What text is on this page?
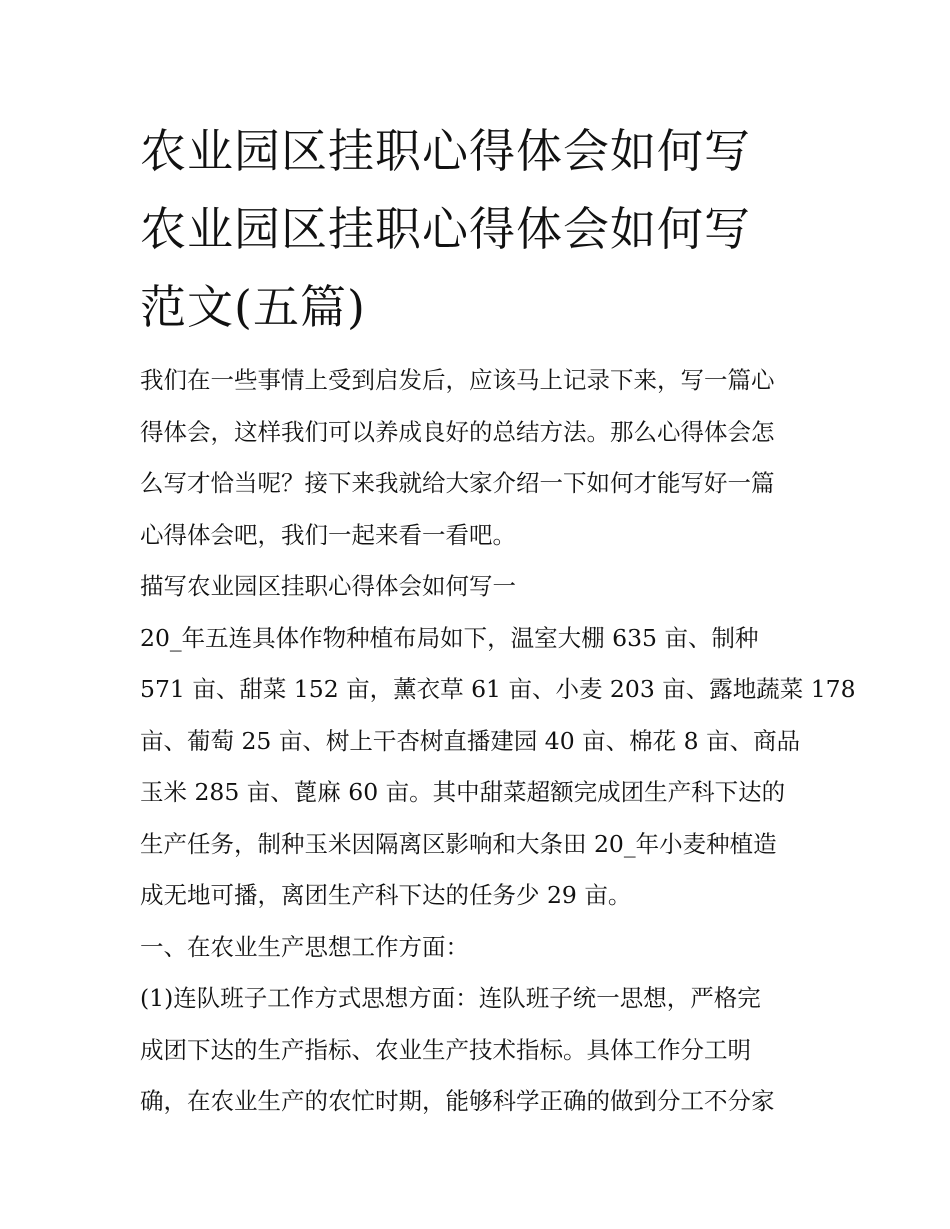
农业园区挂职心得体会如何写
农业园区挂职心得体会如何写
范文(五篇)

我们在一些事情上受到启发后，应该马上记录下来，写一篇心
得体会，这样我们可以养成良好的总结方法。那么心得体会怎
么写才恰当呢？接下来我就给大家介绍一下如何才能写好一篇
心得体会吧，我们一起来看一看吧。

描写农业园区挂职心得体会如何写一

20_年五连具体作物种植布局如下，温室大棚 635 亩、制种
571 亩、甜菜 152 亩，薰衣草 61 亩、小麦 203 亩、露地蔬菜 178
亩、葡萄 25 亩、树上干杏树直播建园 40 亩、棉花 8 亩、商品
玉米 285 亩、蓖麻 60 亩。其中甜菜超额完成团生产科下达的
生产任务，制种玉米因隔离区影响和大条田 20_年小麦种植造
成无地可播，离团生产科下达的任务少 29 亩。

一、在农业生产思想工作方面：

(1)连队班子工作方式思想方面：连队班子统一思想，严格完
成团下达的生产指标、农业生产技术指标。具体工作分工明
确，在农业生产的农忙时期，能够科学正确的做到分工不分家
